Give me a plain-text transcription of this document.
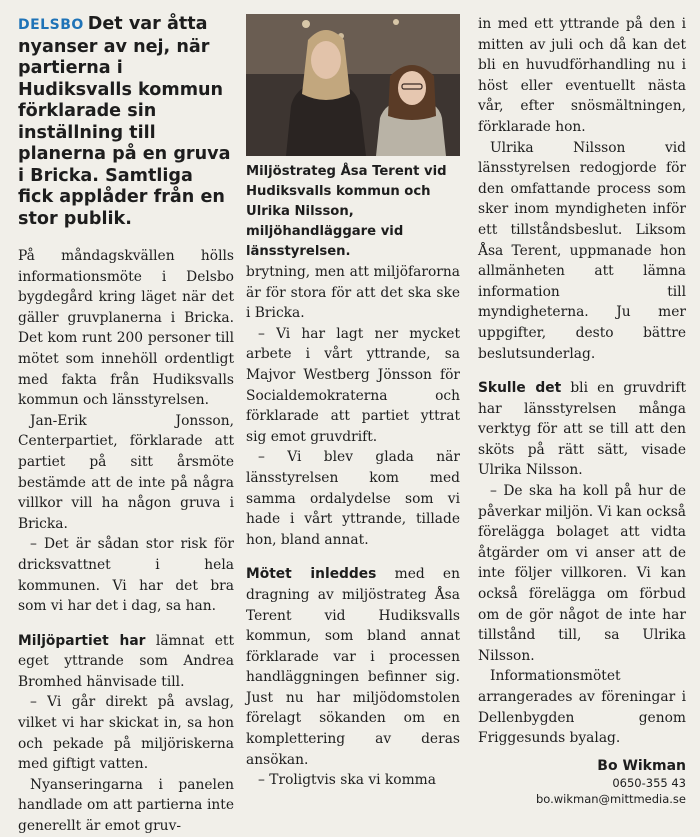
DELSBO Det var åtta nyanser av nej, när partierna i Hudiksvalls kommun förklarade sin inställning till planerna på en gruva i Bricka. Samtliga fick applåder från en stor publik.

På måndagskvällen hölls informationsmöte i Delsbo bygdegård kring läget när det gäller gruvplanerna i Bricka. Det kom runt 200 personer till mötet som innehöll ordentligt med fakta från Hudiksvalls kommun och länsstyrelsen.

Jan-Erik Jonsson, Centerpartiet, förklarade att partiet på sitt årsmöte bestämde att de inte på några villkor vill ha någon gruva i Bricka.

– Det är sådan stor risk för dricksvattnet i hela kommunen. Vi har det bra som vi har det i dag, sa han.

Miljöpartiet har lämnat ett eget yttrande som Andrea Bromhed hänvisade till.

– Vi går direkt på avslag, vilket vi har skickat in, sa hon och pekade på miljöriskerna med giftigt vatten.

Nyanseringarna i panelen handlade om att partierna inte generellt är emot gruv-

Miljöstrateg Åsa Terent vid Hudiksvalls kommun och Ulrika Nilsson, miljöhandläggare vid länsstyrelsen.

brytning, men att miljöfarorna är för stora för att det ska ske i Bricka.

– Vi har lagt ner mycket arbete i vårt yttrande, sa Majvor Westberg Jönsson för Socialdemokraterna och förklarade att partiet yttrat sig emot gruvdrift.

– Vi blev glada när länsstyrelsen kom med samma ordalydelse som vi hade i vårt yttrande, tillade hon, bland annat.

Mötet inleddes med en dragning av miljöstrateg Åsa Terent vid Hudiksvalls kommun, som bland annat förklarade var i processen handläggningen befinner sig. Just nu har miljödomstolen förelagt sökanden om en komplettering av deras ansökan.

– Troligtvis ska vi komma

in med ett yttrande på den i mitten av juli och då kan det bli en huvudförhandling nu i höst eller eventuellt nästa vår, efter snösmältningen, förklarade hon.

Ulrika Nilsson vid länsstyrelsen redogjorde för den omfattande process som sker inom myndigheten inför ett tillståndsbeslut. Liksom Åsa Terent, uppmanade hon allmänheten att lämna information till myndigheterna. Ju mer uppgifter, desto bättre beslutsunderlag.

Skulle det bli en gruvdrift har länsstyrelsen många verktyg för att se till att den sköts på rätt sätt, visade Ulrika Nilsson.

– De ska ha koll på hur de påverkar miljön. Vi kan också förelägga bolaget att vidta åtgärder om vi anser att de inte följer villkoren. Vi kan också förelägga om förbud om de gör något de inte har tillstånd till, sa Ulrika Nilsson.

Informationsmötet arrangerades av föreningar i Dellenbygden genom Friggesunds byalag.

Bo Wikman
0650-355 43
bo.wikman@mittmedia.se
